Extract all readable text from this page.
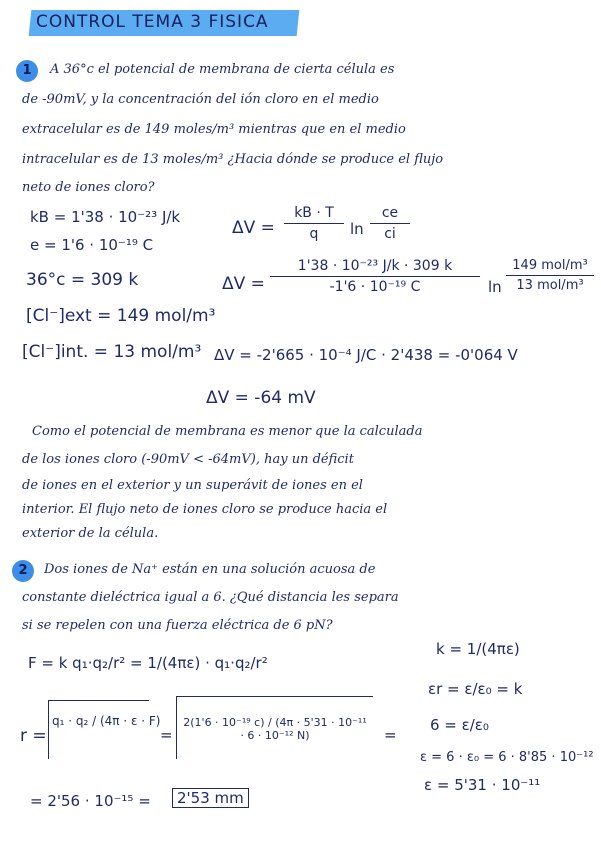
CONTROL TEMA 3 FISICA
1	A 36°c el potencial de membrana de cierta célula es
de -90mV, y la concentración del ión cloro en el medio
extracelular es de 149 moles/m³ mientras que en el medio
intracelular es de 13 moles/m³ ¿Hacia dónde se produce el flujo
neto de iones cloro?
kB = 1'38 · 10⁻²³ J/k
e = 1'6 · 10⁻¹⁹ C
36°c = 309 k
[Cl⁻]ext = 149 mol/m³
[Cl⁻]int. = 13 mol/m³
ΔV =
kB · T
q	ln
ce
ci
ΔV =
1'38 · 10⁻²³ J/k · 309 k
-1'6 · 10⁻¹⁹ C	ln
149 mol/m³
13 mol/m³
ΔV = -2'665 · 10⁻⁴ J/C · 2'438 = -0'064 V
ΔV = -64 mV
Como el potencial de membrana es menor que la calculada
de los iones cloro (-90mV < -64mV), hay un déficit
de iones en el exterior y un superávit de iones en el
interior. El flujo neto de iones cloro se produce hacia el
exterior de la célula.
2	Dos iones de Na⁺ están en una solución acuosa de
constante dieléctrica igual a 6. ¿Qué distancia les separa
si se repelen con una fuerza eléctrica de 6 pN?
F = k q₁·q₂/r² = 1/(4πε) · q₁·q₂/r²
k = 1/(4πε)
εr = ε/ε₀ = k
6 = ε/ε₀
ε = 6 · ε₀ = 6 · 8'85 · 10⁻¹²
ε = 5'31 · 10⁻¹¹
r =
q₁ · q₂ / (4π · ε · F)
=
2(1'6 · 10⁻¹⁹ c) / (4π · 5'31 · 10⁻¹¹ · 6 · 10⁻¹² N)	=
= 2'56 · 10⁻¹⁵ =	2'53 mm
